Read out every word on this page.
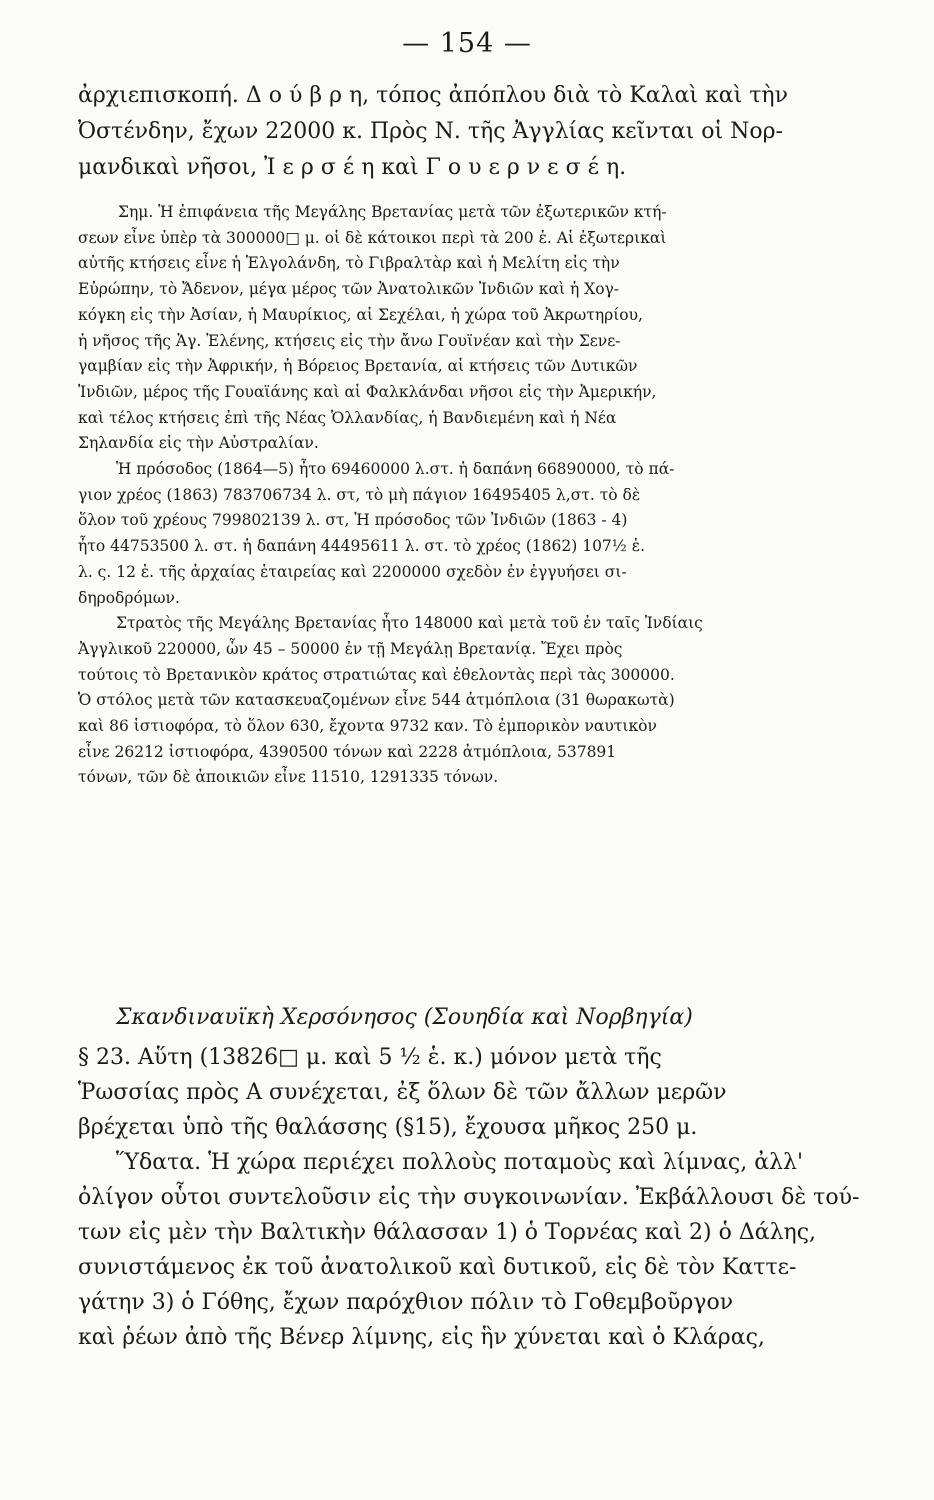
— 154 —
ἀρχιεπισκοπή. Δ ο ύ β ρ η, τόπος ἀπόπλου διὰ τὸ Καλαὶ καὶ τὴν
Ὀστένδην, ἔχων 22000 κ. Πρὸς Ν. τῆς Ἀγγλίας κεῖνται οἱ Νορ-
μανδικαὶ νῆσοι, Ἰ ε ρ σ έ η καὶ Γ ο υ ε ρ ν ε σ έ η.
Σημ. Ἡ ἐπιφάνεια τῆς Μεγάλης Βρετανίας μετὰ τῶν ἐξωτερικῶν κτή-
σεων εἶνε ὑπὲρ τὰ 300000□ μ. οἱ δὲ κάτοικοι περὶ τὰ 200 ἑ. Αἱ ἐξωτερικαὶ
αὐτῆς κτήσεις εἶνε ἡ Ἑλγολάνδη, τὸ Γιβραλτὰρ καὶ ἡ Μελίτη εἰς τὴν
Εὐρώπην, τὸ Ἄδενον, μέγα μέρος τῶν Ἀνατολικῶν Ἰνδιῶν καὶ ἡ Χογ-
κόγκη εἰς τὴν Ἀσίαν, ἡ Μαυρίκιος, αἱ Σεχέλαι, ἡ χώρα τοῦ Ἀκρωτηρίου,
ἡ νῆσος τῆς Ἁγ. Ἑλένης, κτήσεις εἰς τὴν ἄνω Γουϊνέαν καὶ τὴν Σενε-
γαμβίαν εἰς τὴν Ἀφρικήν, ἡ Βόρειος Βρετανία, αἱ κτήσεις τῶν Δυτικῶν
Ἰνδιῶν, μέρος τῆς Γουαϊάνης καὶ αἱ Φαλκλάνδαι νῆσοι εἰς τὴν Ἀμερικήν,
καὶ τέλος κτήσεις ἐπὶ τῆς Νέας Ὁλλανδίας, ἡ Βανδιεμένη καὶ ἡ Νέα
Σηλανδία εἰς τὴν Αὐστραλίαν.
Ἡ πρόσοδος (1864—5) ἦτο 69460000 λ.στ. ἡ δαπάνη 66890000, τὸ πά-
γιον χρέος (1863) 783706734 λ. στ, τὸ μὴ πάγιον 16495405 λ,στ. τὸ δὲ
ὅλον τοῦ χρέους 799802139 λ. στ, Ἡ πρόσοδος τῶν Ἰνδιῶν (1863 - 4)
ἦτο 44753500 λ. στ. ἡ δαπάνη 44495611 λ. στ. τὸ χρέος (1862) 107½ ἑ.
λ. ς. 12 ἑ. τῆς ἀρχαίας ἑταιρείας καὶ 2200000 σχεδὸν ἐν ἐγγυήσει σι-
δηροδρόμων.
Στρατὸς τῆς Μεγάλης Βρετανίας ἦτο 148000 καὶ μετὰ τοῦ ἐν ταῖς Ἰνδίαις
Ἀγγλικοῦ 220000, ὧν 45 – 50000 ἐν τῇ Μεγάλῃ Βρετανίᾳ. Ἔχει πρὸς
τούτοις τὸ Βρετανικὸν κράτος στρατιώτας καὶ ἐθελοντὰς περὶ τὰς 300000.
Ὁ στόλος μετὰ τῶν κατασκευαζομένων εἶνε 544 ἀτμόπλοια (31 θωρακωτὰ)
καὶ 86 ἱστιοφόρα, τὸ ὅλον 630, ἔχοντα 9732 καν. Τὸ ἐμπορικὸν ναυτικὸν
εἶνε 26212 ἱστιοφόρα, 4390500 τόνων καὶ 2228 ἀτμόπλοια, 537891
τόνων, τῶν δὲ ἀποικιῶν εἶνε 11510, 1291335 τόνων.
Σκανδιναυϊκὴ Χερσόνησος (Σουηδία καὶ Νορβηγία)
§ 23. Αὕτη (13826□ μ. καὶ 5 ½ ἑ. κ.) μόνον μετὰ τῆς
Ῥωσσίας πρὸς Α συνέχεται, ἐξ ὅλων δὲ τῶν ἄλλων μερῶν
βρέχεται ὑπὸ τῆς θαλάσσης (§15), ἔχουσα μῆκος 250 μ.
Ὕδατα. Ἡ χώρα περιέχει πολλοὺς ποταμοὺς καὶ λίμνας, ἀλλ'
ὀλίγον οὗτοι συντελοῦσιν εἰς τὴν συγκοινωνίαν. Ἐκβάλλουσι δὲ τού-
των εἰς μὲν τὴν Βαλτικὴν θάλασσαν 1) ὁ Τορνέας καὶ 2) ὁ Δάλης,
συνιστάμενος ἐκ τοῦ ἀνατολικοῦ καὶ δυτικοῦ, εἰς δὲ τὸν Καττε-
γάτην 3) ὁ Γόθης, ἔχων παρόχθιον πόλιν τὸ Γοθεμβοῦργον
καὶ ῥέων ἀπὸ τῆς Βένερ λίμνης, εἰς ἣν χύνεται καὶ ὁ Κλάρας,
